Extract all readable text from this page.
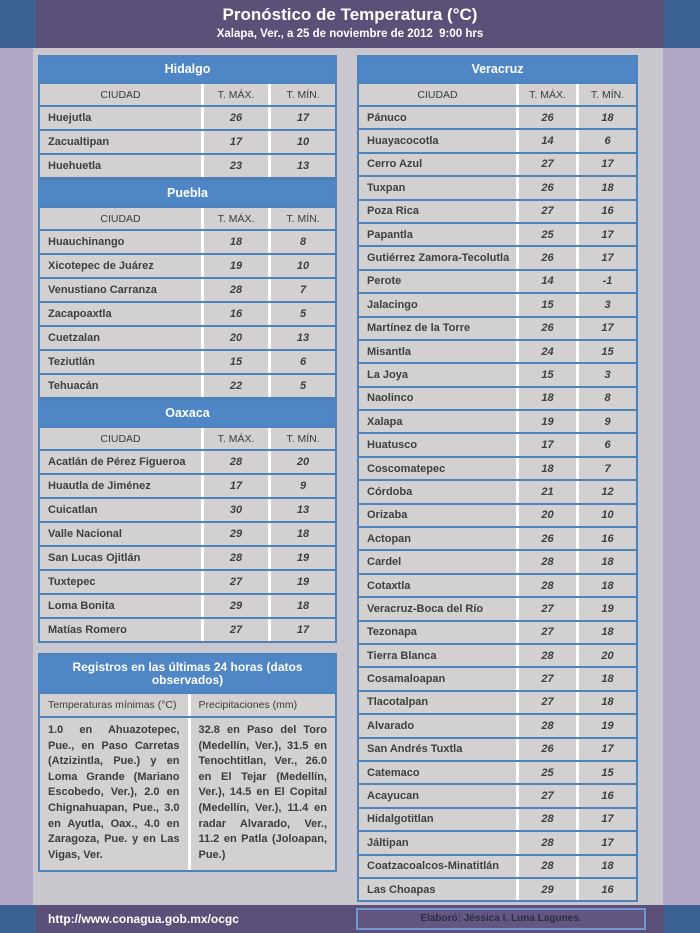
Pronóstico de Temperatura (°C)
Xalapa, Ver., a 25 de noviembre de 2012  9:00 hrs
Hidalgo
CIUDAD	T. MÁX.	T. MÍN.
Huejutla	26	17
Zacualtipan	17	10
Huehuetla	23	13
Puebla
CIUDAD	T. MÁX.	T. MÍN.
Huauchinango	18	8
Xicotepec de Juárez	19	10
Venustiano Carranza	28	7
Zacapoaxtla	16	5
Cuetzalan	20	13
Teziutlán	15	6
Tehuacán	22	5
Oaxaca
CIUDAD	T. MÁX.	T. MÍN.
Acatlán de Pérez Figueroa	28	20
Huautla de Jiménez	17	9
Cuicatlan	30	13
Valle Nacional	29	18
San Lucas Ojitlán	28	19
Tuxtepec	27	19
Loma Bonita	29	18
Matías Romero	27	17
Registros en las últimas 24 horas (datos observados)
Temperaturas mínimas (°C)	Precipitaciones (mm)
1.0 en Ahuazotepec, Pue., en Paso Carretas (Atzizintla, Pue.) y en Loma Grande (Mariano Escobedo, Ver.), 2.0 en Chignahuapan, Pue., 3.0 en Ayutla, Oax., 4.0 en Zaragoza, Pue. y en Las Vigas, Ver.
32.8 en Paso del Toro (Medellín, Ver.), 31.5 en Tenochtitlan, Ver., 26.0 en El Tejar (Medellín, Ver.), 14.5 en El Copital (Medellín, Ver.), 11.4 en radar Alvarado, Ver., 11.2 en Patla (Joloapan, Pue.)
Veracruz
CIUDAD	T. MÁX.	T. MÍN.
Pánuco	26	18
Huayacocotla	14	6
Cerro Azul	27	17
Tuxpan	26	18
Poza Rica	27	16
Papantla	25	17
Gutiérrez Zamora-Tecolutla	26	17
Perote	14	-1
Jalacingo	15	3
Martínez de la Torre	26	17
Misantla	24	15
La Joya	15	3
Naolinco	18	8
Xalapa	19	9
Huatusco	17	6
Coscomatepec	18	7
Córdoba	21	12
Orizaba	20	10
Actopan	26	16
Cardel	28	18
Cotaxtla	28	18
Veracruz-Boca del Río	27	19
Tezonapa	27	18
Tierra Blanca	28	20
Cosamaloapan	27	18
Tlacotalpan	27	18
Alvarado	28	19
San Andrés Tuxtla	26	17
Catemaco	25	15
Acayucan	27	16
Hidalgotitlan	28	17
Jáltipan	28	17
Coatzacoalcos-Minatitlán	28	18
Las Choapas	29	16
http://www.conagua.gob.mx/ocgc	Elaboró: Jéssica I. Luna Lagunes.
